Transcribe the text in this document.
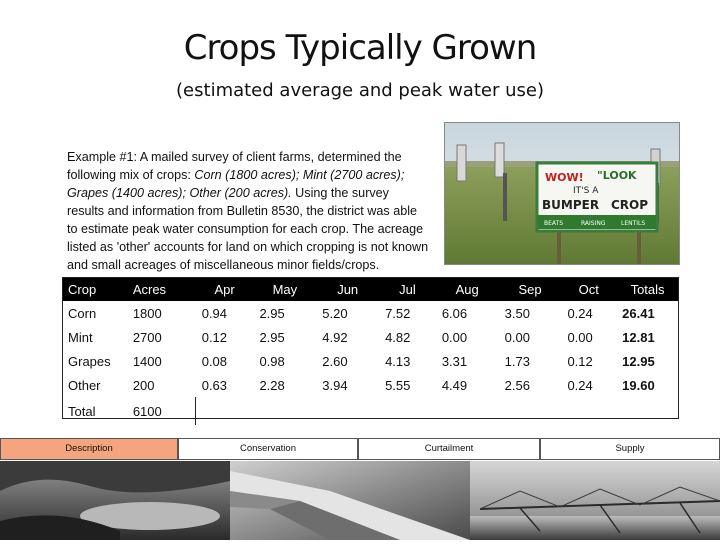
Crops Typically Grown
(estimated average and peak water use)
Example #1: A mailed survey of client farms, determined the following mix of crops: Corn (1800 acres); Mint (2700 acres); Grapes (1400 acres); Other (200 acres). Using the survey results and information from Bulletin 8530, the district was able to estimate peak water consumption for each crop. The acreage listed as 'other' accounts for land on which cropping is not known and small acreages of miscellaneous minor fields/crops.
WOW! "LOOK
IT'S A
BUMPER CROP
BEATS	RAISING	LENTILS
Crop	Acres	Apr	May	Jun	Jul	Aug	Sep	Oct	Totals
Corn	1800	0.94	2.95	5.20	7.52	6.06	3.50	0.24	26.41
Mint	2700	0.12	2.95	4.92	4.82	0.00	0.00	0.00	12.81
Grapes	1400	0.08	0.98	2.60	4.13	3.31	1.73	0.12	12.95
Other	200	0.63	2.28	3.94	5.55	4.49	2.56	0.24	19.60
Total	6100								
Description	Conservation	Curtailment	Supply
